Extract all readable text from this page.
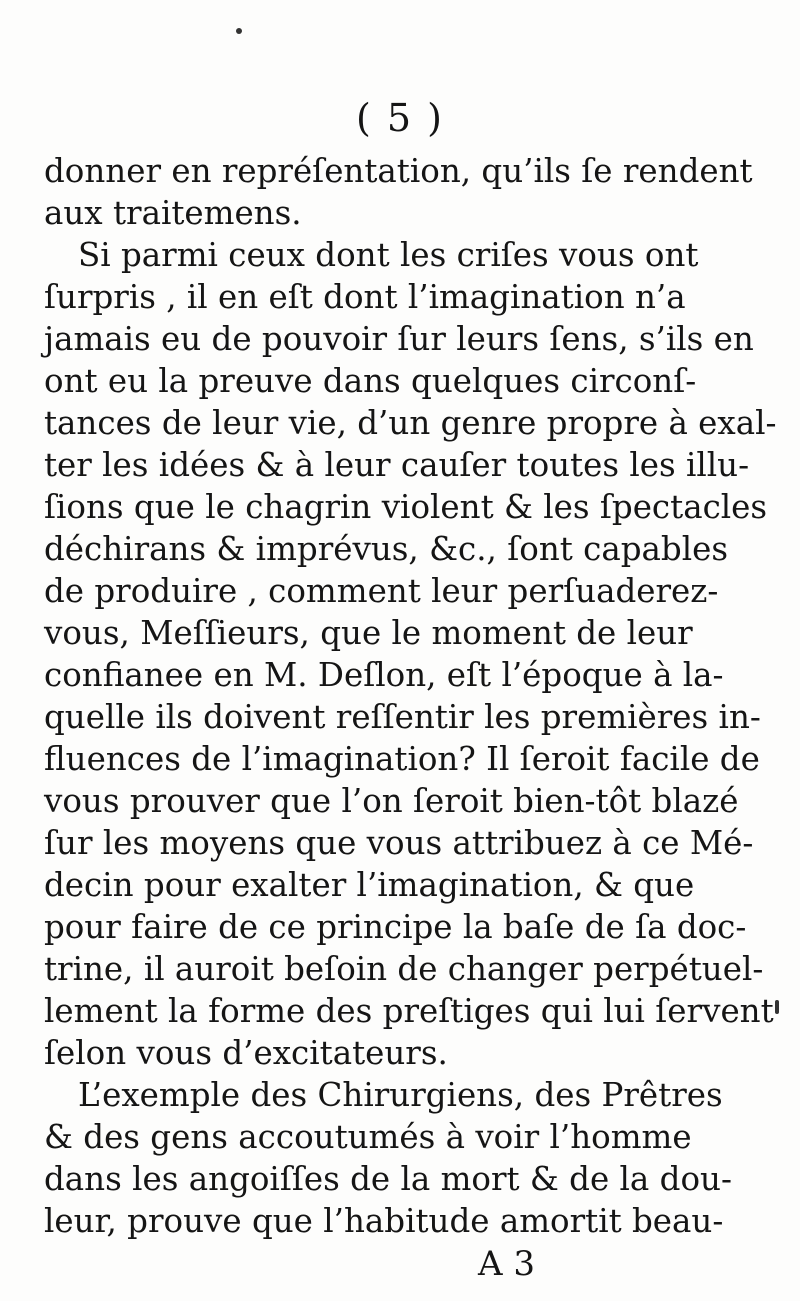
( 5 )
donner en repréſentation, qu’ils ſe rendent
aux traitemens.
Si parmi ceux dont les criſes vous ont
ſurpris , il en eſt dont l’imagination n’a
jamais eu de pouvoir ſur leurs ſens, s’ils en
ont eu la preuve dans quelques circonſ-
tances de leur vie, d’un genre propre à exal-
ter les idées & à leur cauſer toutes les illu-
ſions que le chagrin violent & les ſpectacles
déchirans & imprévus, &c., ſont capables
de produire , comment leur perſuaderez-
vous, Meſſieurs, que le moment de leur
confianee en M. Deſlon, eſt l’époque à la-
quelle ils doivent reſſentir les premières in-
fluences de l’imagination? Il ſeroit facile de
vous prouver que l’on ſeroit bien-tôt blazé
ſur les moyens que vous attribuez à ce Mé-
decin pour exalter l’imagination, & que
pour faire de ce principe la baſe de ſa doc-
trine, il auroit beſoin de changer perpétuel-
lement la forme des preſtiges qui lui ſervent
ſelon vous d’excitateurs.
L’exemple des Chirurgiens, des Prêtres
& des gens accoutumés à voir l’homme
dans les angoiſſes de la mort & de la dou-
leur, prouve que l’habitude amortit beau-
A 3
